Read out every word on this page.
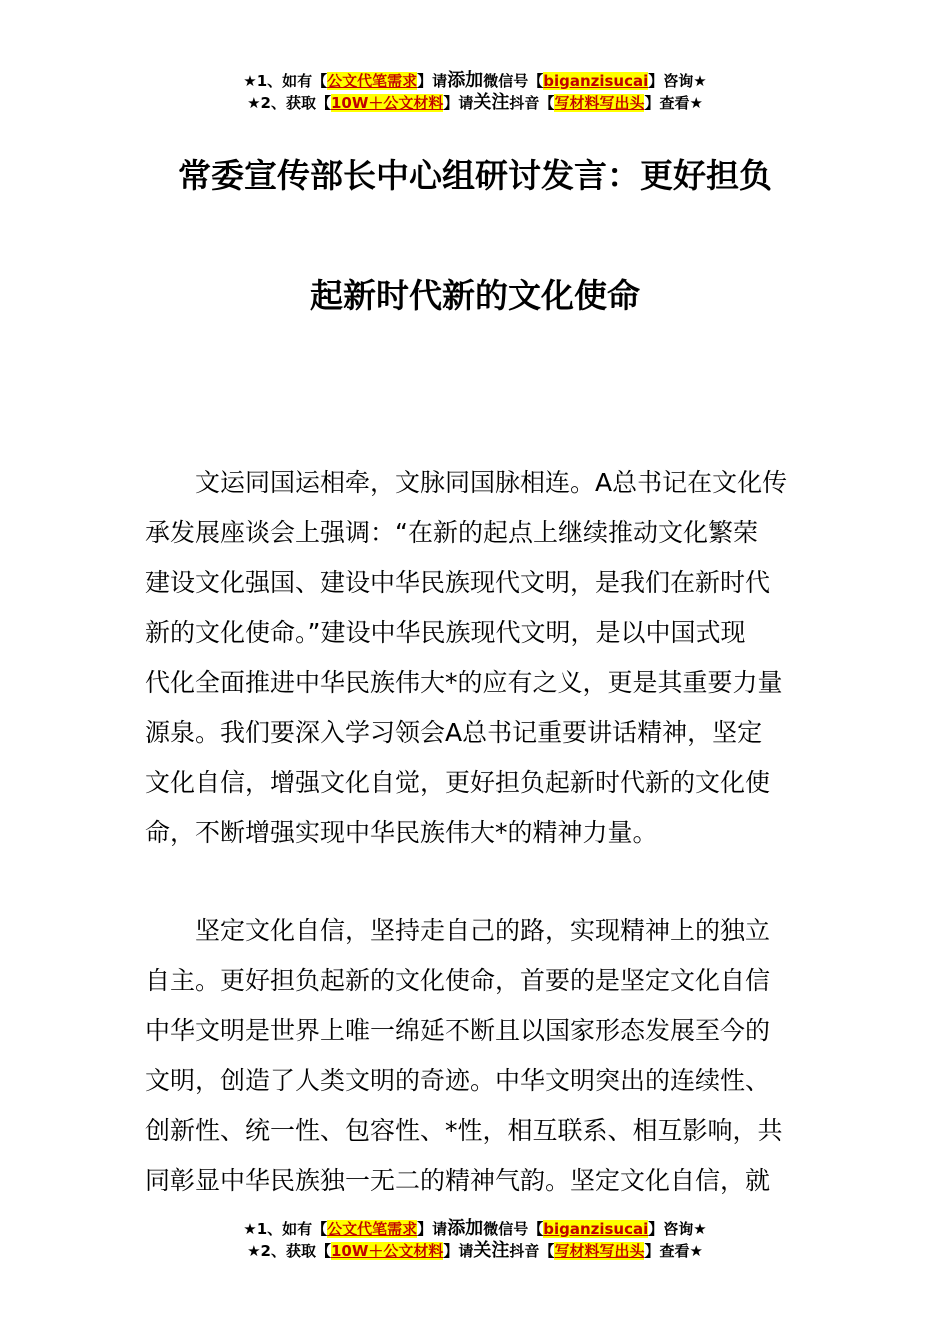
★1、如有【公文代笔需求】请添加微信号【biganzisucai】咨询★
★2、获取【10W＋公文材料】请关注抖音【写材料写出头】查看★
常委宣传部长中心组研讨发言：更好担负
起新时代新的文化使命
　　文运同国运相牵，文脉同国脉相连。A总书记在文化传
承发展座谈会上强调：“在新的起点上继续推动文化繁荣
建设文化强国、建设中华民族现代文明，是我们在新时代
新的文化使命。”建设中华民族现代文明，是以中国式现
代化全面推进中华民族伟大*的应有之义，更是其重要力量
源泉。我们要深入学习领会A总书记重要讲话精神，坚定
文化自信，增强文化自觉，更好担负起新时代新的文化使
命，不断增强实现中华民族伟大*的精神力量。
　　坚定文化自信，坚持走自己的路，实现精神上的独立
自主。更好担负起新的文化使命，首要的是坚定文化自信
中华文明是世界上唯一绵延不断且以国家形态发展至今的
文明，创造了人类文明的奇迹。中华文明突出的连续性、
创新性、统一性、包容性、*性，相互联系、相互影响，共
同彰显中华民族独一无二的精神气韵。坚定文化自信，就
★1、如有【公文代笔需求】请添加微信号【biganzisucai】咨询★
★2、获取【10W＋公文材料】请关注抖音【写材料写出头】查看★
